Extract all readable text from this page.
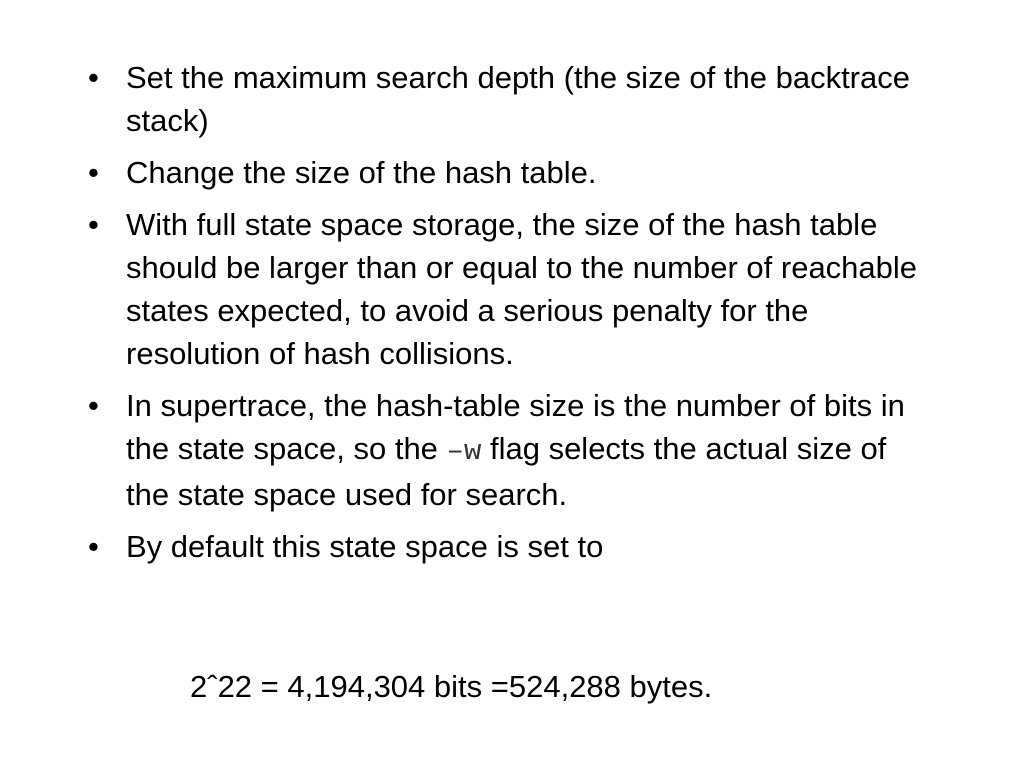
• Set the maximum search depth (the size of the backtrace stack)
• Change the size of the hash table.
• With full state space storage, the size of the hash table should be larger than or equal to the number of reachable states expected, to avoid a serious penalty for the resolution of hash collisions.
• In supertrace, the hash-table size is the number of bits in the state space, so the –w flag selects the actual size of the state space used for search.
• By default this state space is set to
2ˆ22 = 4,194,304 bits =524,288 bytes.
